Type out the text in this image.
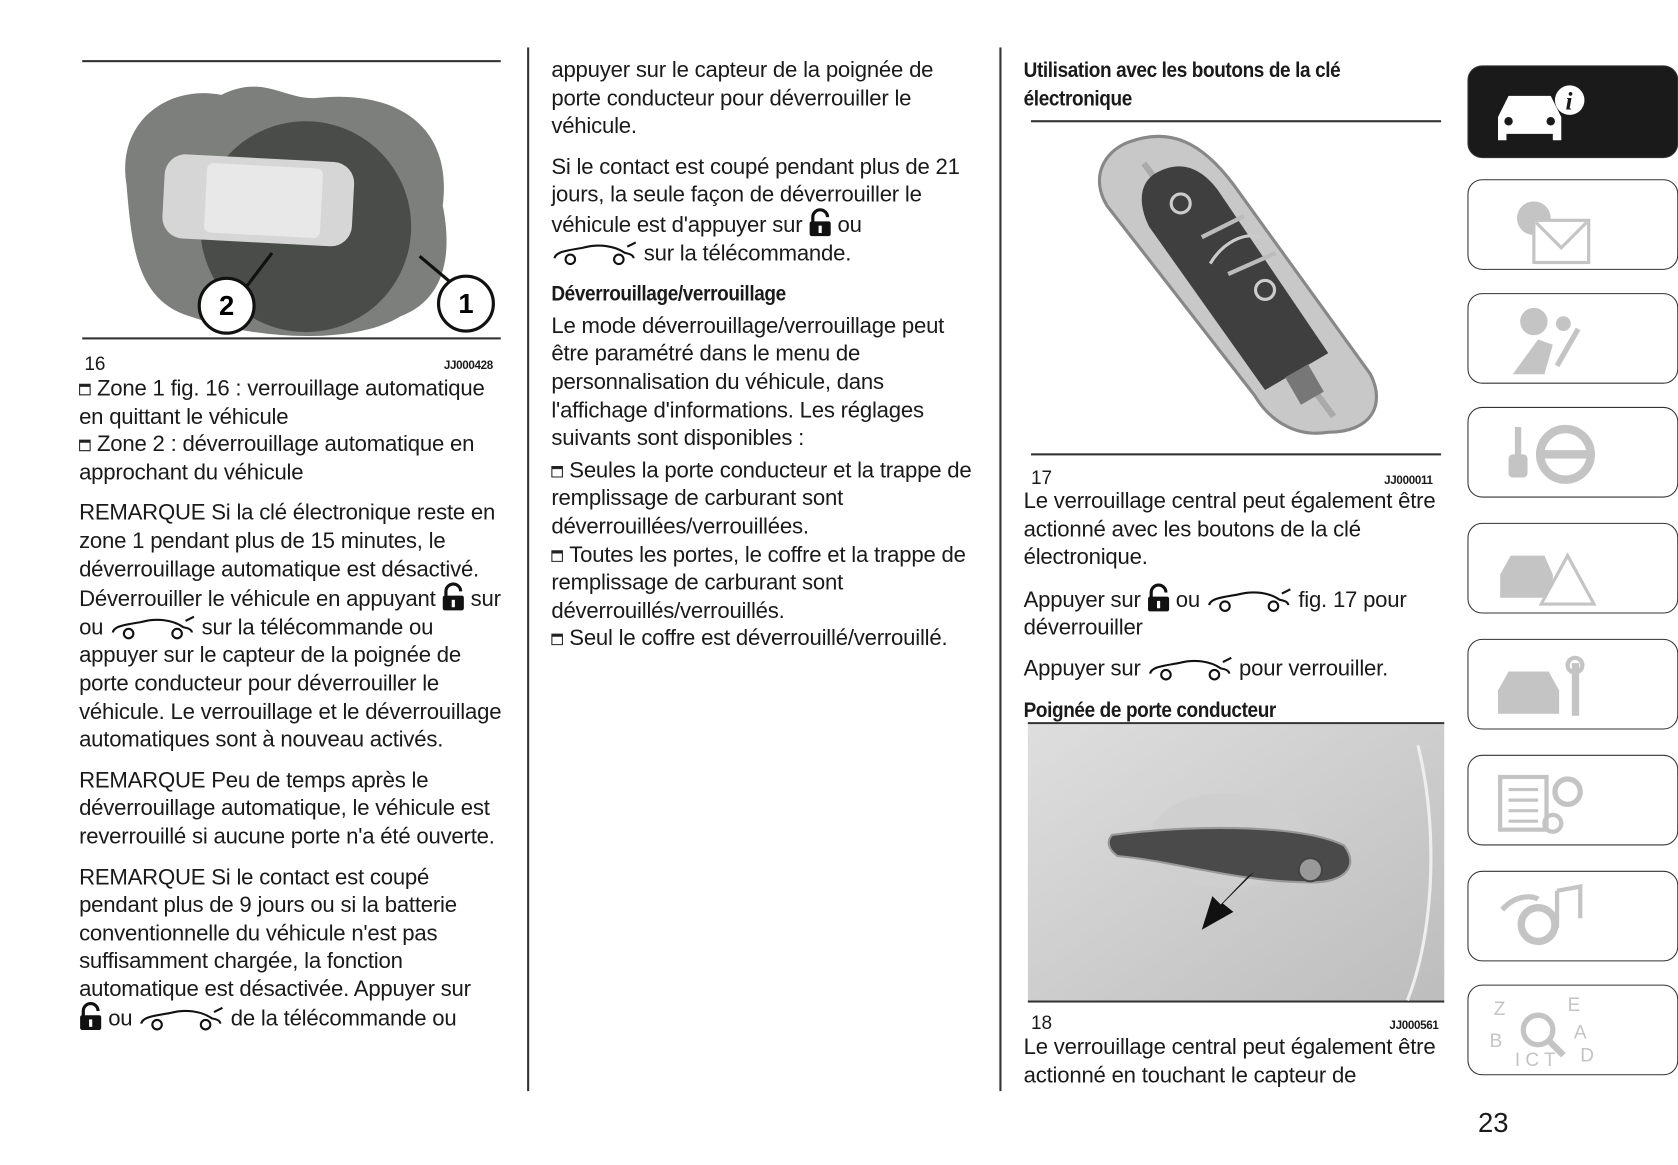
2	1
16	JJ000428
Zone 1 fig. 16 : verrouillage automatique en quittant le véhicule

Zone 2 : déverrouillage automatique en approchant du véhicule

REMARQUE Si la clé électronique reste en zone 1 pendant plus de 15 minutes, le déverrouillage automatique est désactivé. Déverrouiller le véhicule en appuyant sur ou	sur la télécommande ou appuyer sur le capteur de la poignée de porte conducteur pour déverrouiller le véhicule. Le verrouillage et le déverrouillage automatiques sont à nouveau activés.

REMARQUE Peu de temps après le déverrouillage automatique, le véhicule est reverrouillé si aucune porte n'a été ouverte.

REMARQUE Si le contact est coupé pendant plus de 9 jours ou si la batterie conventionnelle du véhicule n'est pas suffisamment chargée, la fonction automatique est désactivée. Appuyer sur
ou	de la télécommande ou

appuyer sur le capteur de la poignée de porte conducteur pour déverrouiller le véhicule.

Si le contact est coupé pendant plus de 21 jours, la seule façon de déverrouiller le véhicule est d'appuyer sur ou
sur la télécommande.

Déverrouillage/verrouillage
Le mode déverrouillage/verrouillage peut être paramétré dans le menu de personnalisation du véhicule, dans l'affichage d'informations. Les réglages suivants sont disponibles :
Seules la porte conducteur et la trappe de remplissage de carburant sont déverrouillées/verrouillées.
Toutes les portes, le coffre et la trappe de remplissage de carburant sont déverrouillés/verrouillés.
Seul le coffre est déverrouillé/verrouillé.
Utilisation avec les boutons de la clé électronique
17	JJ000011

Le verrouillage central peut également être actionné avec les boutons de la clé électronique.

Appuyer sur ou	fig. 17 pour déverrouiller

Appuyer sur	pour verrouiller.

Poignée de porte conducteur
18	JJ000561
Le verrouillage central peut également être actionné en touchant le capteur de
i
Z
B
E
A
D
I C T
23
